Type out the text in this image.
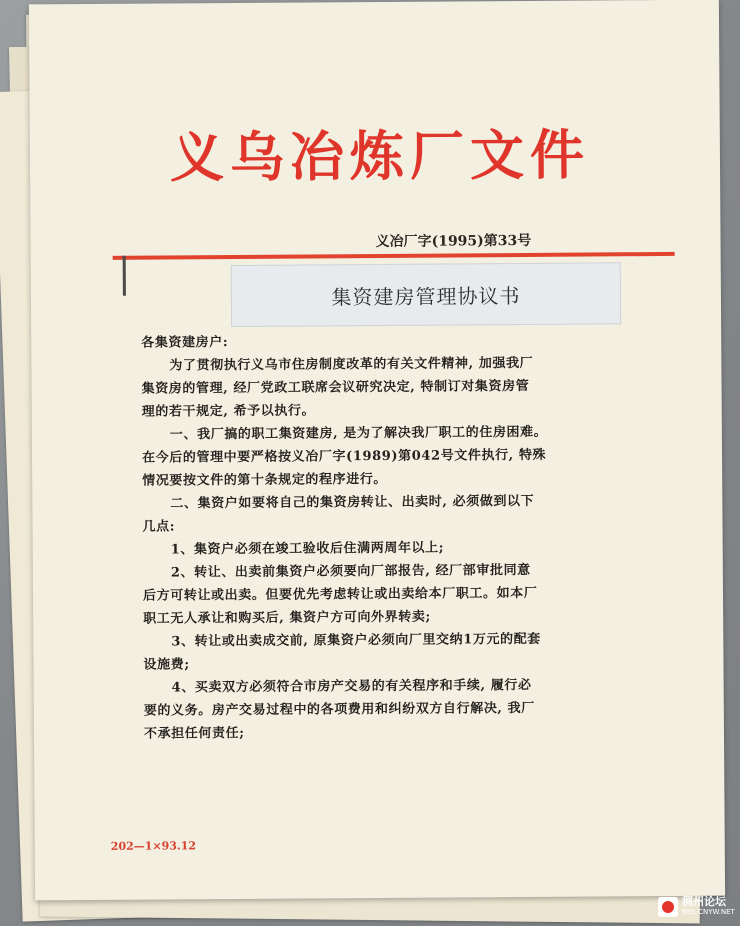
义乌冶炼厂文件
义冶厂字(1995)第33号
集资建房管理协议书
各集资建房户:
为了贯彻执行义乌市住房制度改革的有关文件精神, 加强我厂
集资房的管理, 经厂党政工联席会议研究决定, 特制订对集资房管
理的若干规定, 希予以执行。
一、我厂搞的职工集资建房, 是为了解决我厂职工的住房困难。
在今后的管理中要严格按义冶厂字(1989)第042号文件执行, 特殊
情况要按文件的第十条规定的程序进行。
二、集资户如要将自己的集资房转让、出卖时, 必须做到以下
几点:
1、集资户必须在竣工验收后住满两周年以上;
2、转让、出卖前集资户必须要向厂部报告, 经厂部审批同意
后方可转让或出卖。但要优先考虑转让或出卖给本厂职工。如本厂
职工无人承让和购买后, 集资户方可向外界转卖;
3、转让或出卖成交前, 原集资户必须向厂里交纳1万元的配套
设施费;
4、买卖双方必须符合市房产交易的有关程序和手续, 履行必
要的义务。房产交易过程中的各项费用和纠纷双方自行解决, 我厂
不承担任何责任;
202—1×93.12
稠州论坛
BBS.CNYW.NET
